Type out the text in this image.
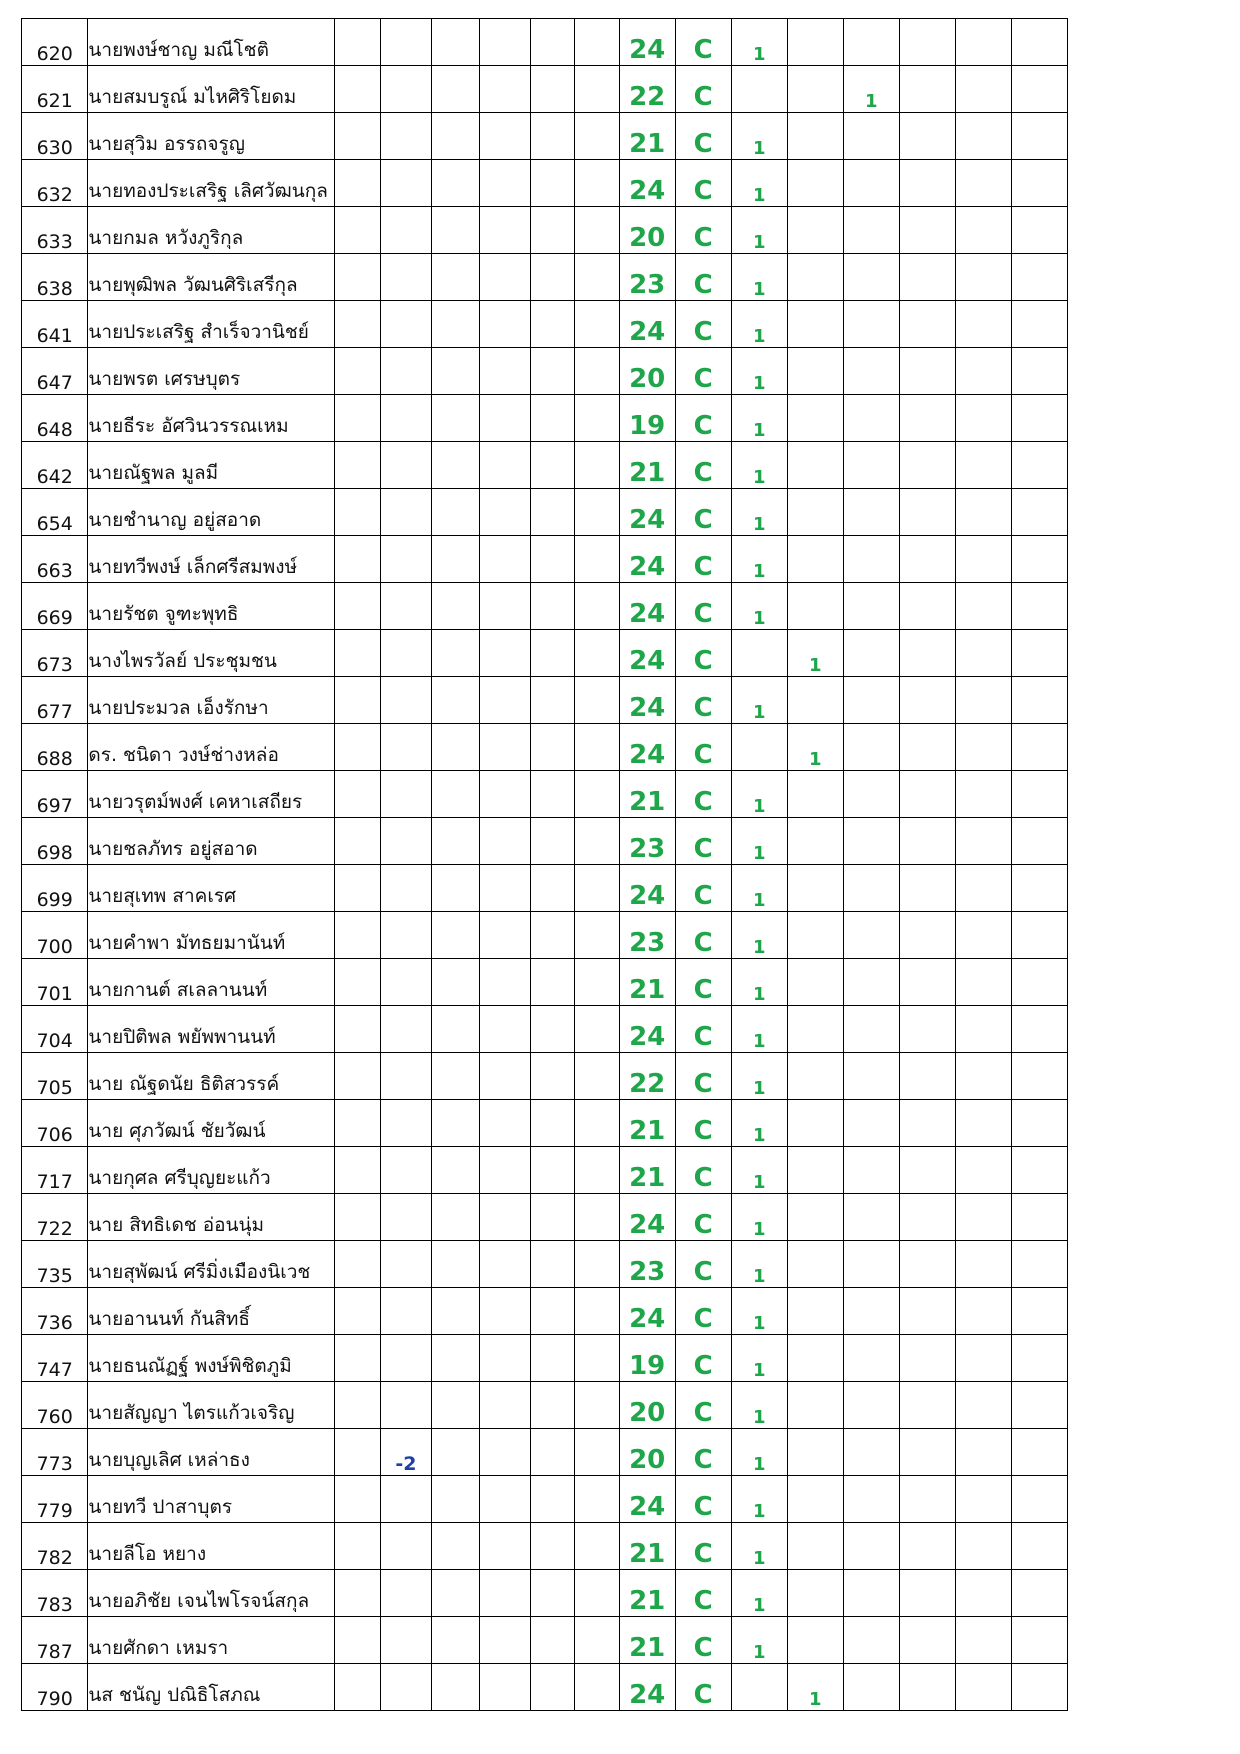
620	นายพงษ์ชาญ มณีโชติ							24	C	1					
621	นายสมบรูณ์ มไหศิริโยดม							22	C			1			
630	นายสุวิม อรรถจรูญ							21	C	1					
632	นายทองประเสริฐ เลิศวัฒนกุล							24	C	1					
633	นายกมล หวังภูริกุล							20	C	1					
638	นายพุฒิพล วัฒนศิริเสรีกุล							23	C	1					
641	นายประเสริฐ สำเร็จวานิชย์							24	C	1					
647	นายพรต เศรษบุตร							20	C	1					
648	นายธีระ อัศวินวรรณเหม							19	C	1					
642	นายณัฐพล มูลมี							21	C	1					
654	นายชำนาญ อยู่สอาด							24	C	1					
663	นายทวีพงษ์ เล็กศรีสมพงษ์							24	C	1					
669	นายรัชต จูฑะพุทธิ							24	C	1					
673	นางไพรวัลย์ ประชุมชน							24	C		1				
677	นายประมวล เอ็งรักษา							24	C	1					
688	ดร. ชนิดา วงษ์ช่างหล่อ							24	C		1				
697	นายวรุตม์พงศ์ เคหาเสถียร							21	C	1					
698	นายชลภัทร อยู่สอาด							23	C	1					
699	นายสุเทพ สาคเรศ							24	C	1					
700	นายคำพา มัทธยมานันท์							23	C	1					
701	นายกานต์ สเลลานนท์							21	C	1					
704	นายปิติพล พยัพพานนท์							24	C	1					
705	นาย ณัฐดนัย ธิติสวรรค์							22	C	1					
706	นาย ศุภวัฒน์ ชัยวัฒน์							21	C	1					
717	นายกุศล ศรีบุญยะแก้ว							21	C	1					
722	นาย สิทธิเดช อ่อนนุ่ม							24	C	1					
735	นายสุพัฒน์ ศรีมิ่งเมืองนิเวช							23	C	1					
736	นายอานนท์ กันสิทธิ์							24	C	1					
747	นายธนณัฏฐ์ พงษ์พิชิตภูมิ							19	C	1					
760	นายสัญญา ไตรแก้วเจริญ							20	C	1					
773	นายบุญเลิศ เหล่าธง		-2					20	C	1					
779	นายทวี ปาสาบุตร							24	C	1					
782	นายลีโอ หยาง							21	C	1					
783	นายอภิชัย เจนไพโรจน์สกุล							21	C	1					
787	นายศักดา เหมรา							21	C	1					
790	นส ชนัญ ปณิธิโสภณ							24	C		1				
